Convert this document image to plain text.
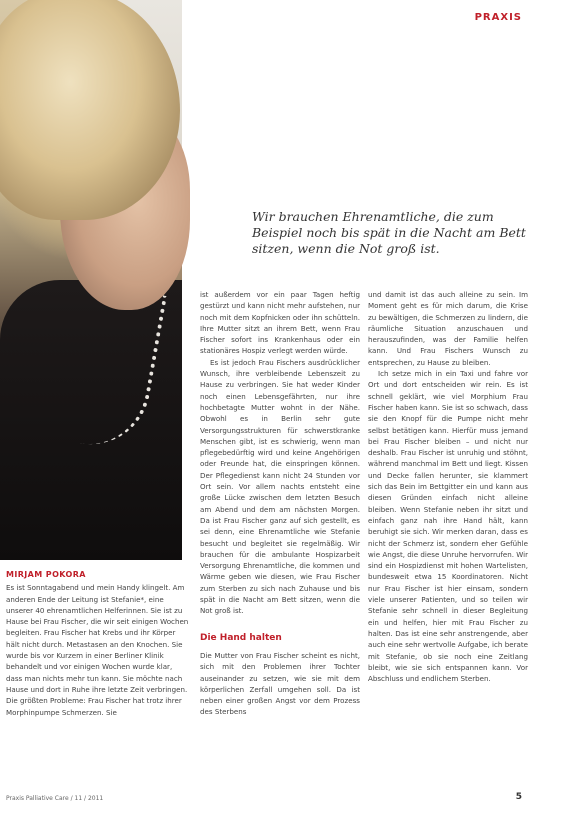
PRAXIS
Wir brauchen Ehrenamtliche, die zum Beispiel noch bis spät in die Nacht am Bett sitzen, wenn die Not groß ist.
MIRJAM POKORA
Es ist Sonntagabend und mein Handy klingelt. Am anderen Ende der Leitung ist Stefanie*, eine unserer 40 ehrenamtlichen Helferinnen. Sie ist zu Hause bei Frau Fischer, die wir seit einigen Wochen begleiten. Frau Fischer hat Krebs und ihr Körper hält nicht durch. Metastasen an den Knochen. Sie wurde bis vor Kurzem in einer Berliner Klinik behandelt und vor einigen Wochen wurde klar, dass man nichts mehr tun kann. Sie möchte nach Hause und dort in Ruhe ihre letzte Zeit verbringen. Die größten Probleme: Frau Fischer hat trotz ihrer Morphinpumpe Schmerzen. Sie

ist außerdem vor ein paar Tagen heftig gestürzt und kann nicht mehr aufstehen, nur noch mit dem Kopfnicken oder ihn schütteln. Ihre Mutter sitzt an ihrem Bett, wenn Frau Fischer sofort ins Krankenhaus oder ein stationäres Hospiz verlegt werden würde.

Es ist jedoch Frau Fischers ausdrücklicher Wunsch, ihre verbleibende Lebenszeit zu Hause zu verbringen. Sie hat weder Kinder noch einen Lebensgefährten, nur ihre hochbetagte Mutter wohnt in der Nähe. Obwohl es in Berlin sehr gute Versorgungsstrukturen für schwerstkranke Menschen gibt, ist es schwierig, wenn man pflegebedürftig wird und keine Angehörigen oder Freunde hat, die einspringen können. Der Pflegedienst kann nicht 24 Stunden vor Ort sein. Vor allem nachts entsteht eine große Lücke zwischen dem letzten Besuch am Abend und dem am nächsten Morgen. Da ist Frau Fischer ganz auf sich gestellt, es sei denn, eine Ehrenamtliche wie Stefanie besucht und begleitet sie regelmäßig. Wir brauchen für die ambulante Hospizarbeit Versorgung Ehrenamtliche, die kommen und Wärme geben wie diesen, wie Frau Fischer zum Sterben zu sich nach Zuhause und bis spät in die Nacht am Bett sitzen, wenn die Not groß ist.

Die Hand halten

Die Mutter von Frau Fischer scheint es nicht, sich mit den Problemen ihrer Tochter auseinander zu setzen, wie sie mit dem körperlichen Zerfall umgehen soll. Da ist neben einer großen Angst vor dem Prozess des Sterbens

und damit ist das auch alleine zu sein. Im Moment geht es für mich darum, die Krise zu bewältigen, die Schmerzen zu lindern, die räumliche Situation anzuschauen und herauszufinden, was der Familie helfen kann. Und Frau Fischers Wunsch zu entsprechen, zu Hause zu bleiben.

Ich setze mich in ein Taxi und fahre vor Ort und dort entscheiden wir rein. Es ist schnell geklärt, wie viel Morphium Frau Fischer haben kann. Sie ist so schwach, dass sie den Knopf für die Pumpe nicht mehr selbst betätigen kann. Hierfür muss jemand bei Frau Fischer bleiben – und nicht nur deshalb. Frau Fischer ist unruhig und stöhnt, während manchmal im Bett und liegt. Kissen und Decke fallen herunter, sie klammert sich das Bein im Bettgitter ein und kann aus diesen Gründen einfach nicht alleine bleiben. Wenn Stefanie neben ihr sitzt und einfach ganz nah ihre Hand hält, kann beruhigt sie sich. Wir merken daran, dass es nicht der Schmerz ist, sondern eher Gefühle wie Angst, die diese Unruhe hervorrufen. Wir sind ein Hospizdienst mit hohen Wartelisten, bundesweit etwa 15 Koordinatoren. Nicht nur Frau Fischer ist hier einsam, sondern viele unserer Patienten, und so teilen wir Stefanie sehr schnell in dieser Begleitung ein und helfen, hier mit Frau Fischer zu halten. Das ist eine sehr anstrengende, aber auch eine sehr wertvolle Aufgabe, ich berate mit Stefanie, ob sie noch eine Zeitlang bleibt, wie sie sich entspannen kann. Vor Abschluss und endlichem Sterben.

Praxis Palliative Care / 11 / 2011	5
